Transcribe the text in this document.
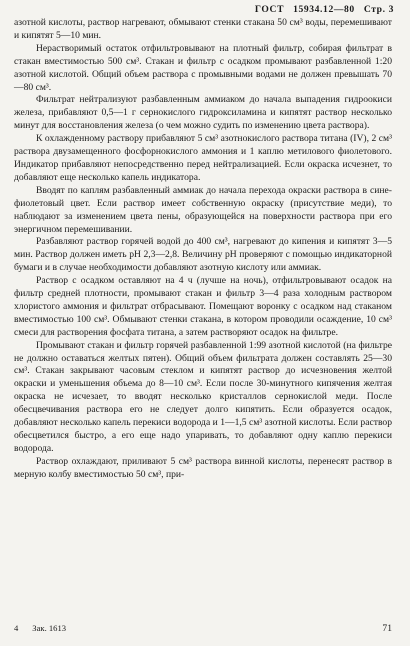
ГОСТ 15934.12—80 Стр. 3

азотной кислоты, раствор нагревают, обмывают стенки стакана 50 см³ воды, перемешивают и кипятят 5—10 мин.

Нерастворимый остаток отфильтровывают на плотный фильтр, собирая фильтрат в стакан вместимостью 500 см³. Стакан и фильтр с осадком промывают разбавленной 1:20 азотной кислотой. Общий объем раствора с промывными водами не должен превышать 70—80 см³.

Фильтрат нейтрализуют разбавленным аммиаком до начала выпадения гидроокиси железа, прибавляют 0,5—1 г сернокислого гидроксиламина и кипятят раствор несколько минут для восстановления железа (о чем можно судить по изменению цвета раствора).

К охлажденному раствору прибавляют 5 см³ азотнокислого раствора титана (IV), 2 см³ раствора двузамещенного фосфорнокислого аммония и 1 каплю метилового фиолетового. Индикатор прибавляют непосредственно перед нейтрализацией. Если окраска исчезнет, то добавляют еще несколько капель индикатора.

Вводят по каплям разбавленный аммиак до начала перехода окраски раствора в сине-фиолетовый цвет. Если раствор имеет собственную окраску (присутствие меди), то наблюдают за изменением цвета пены, образующейся на поверхности раствора при его энергичном перемешивании.

Разбавляют раствор горячей водой до 400 см³, нагревают до кипения и кипятят 3—5 мин. Раствор должен иметь pH 2,3—2,8. Величину pH проверяют с помощью индикаторной бумаги и в случае необходимости добавляют азотную кислоту или аммиак.

Раствор с осадком оставляют на 4 ч (лучше на ночь), отфильтровывают осадок на фильтр средней плотности, промывают стакан и фильтр 3—4 раза холодным раствором хлористого аммония и фильтрат отбрасывают. Помещают воронку с осадком над стаканом вместимостью 100 см³. Обмывают стенки стакана, в котором проводили осаждение, 10 см³ смеси для растворения фосфата титана, а затем растворяют осадок на фильтре.

Промывают стакан и фильтр горячей разбавленной 1:99 азотной кислотой (на фильтре не должно оставаться желтых пятен). Общий объем фильтрата должен составлять 25—30 см³. Стакан закрывают часовым стеклом и кипятят раствор до исчезновения желтой окраски и уменьшения объема до 8—10 см³. Если после 30-минутного кипячения желтая окраска не исчезает, то вводят несколько кристаллов сернокислой меди. После обесцвечивания раствора его не следует долго кипятить. Если образуется осадок, добавляют несколько капель перекиси водорода и 1—1,5 см³ азотной кислоты. Если раствор обесцветился быстро, а его еще надо упаривать, то добавляют одну каплю перекиси водорода.

Раствор охлаждают, приливают 5 см³ раствора винной кислоты, перенесят раствор в мерную колбу вместимостью 50 см³, при-

4 Зак. 1613	71
